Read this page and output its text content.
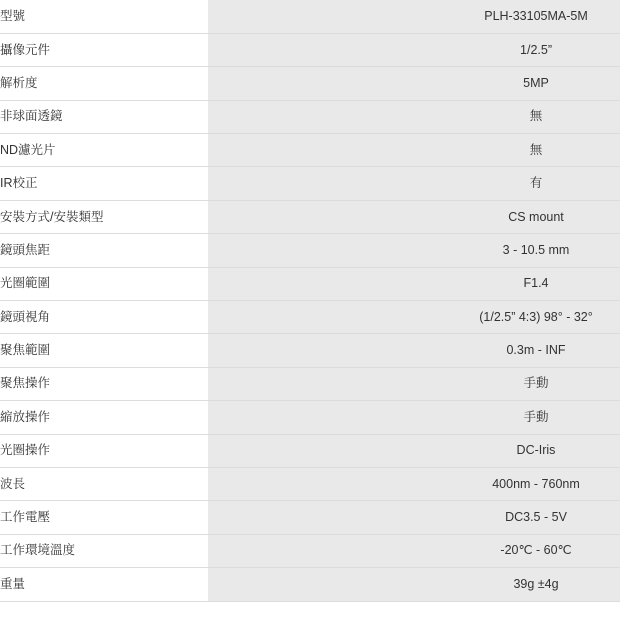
型號		PLH-33105MA-5M
攝像元件		1/2.5”
解析度		5MP
非球面透鏡		無
ND濾光片		無
IR校正		有
安裝方式/安裝類型		CS mount
鏡頭焦距		3 - 10.5 mm
光圈範圍		F1.4
鏡頭視角		(1/2.5” 4:3) 98° - 32°
聚焦範圍		0.3m - INF
聚焦操作		手動
縮放操作		手動
光圈操作		DC-Iris
波長		400nm - 760nm
工作電壓		DC3.5 - 5V
工作環境溫度		-20℃ - 60℃
重量		39g ±4g
